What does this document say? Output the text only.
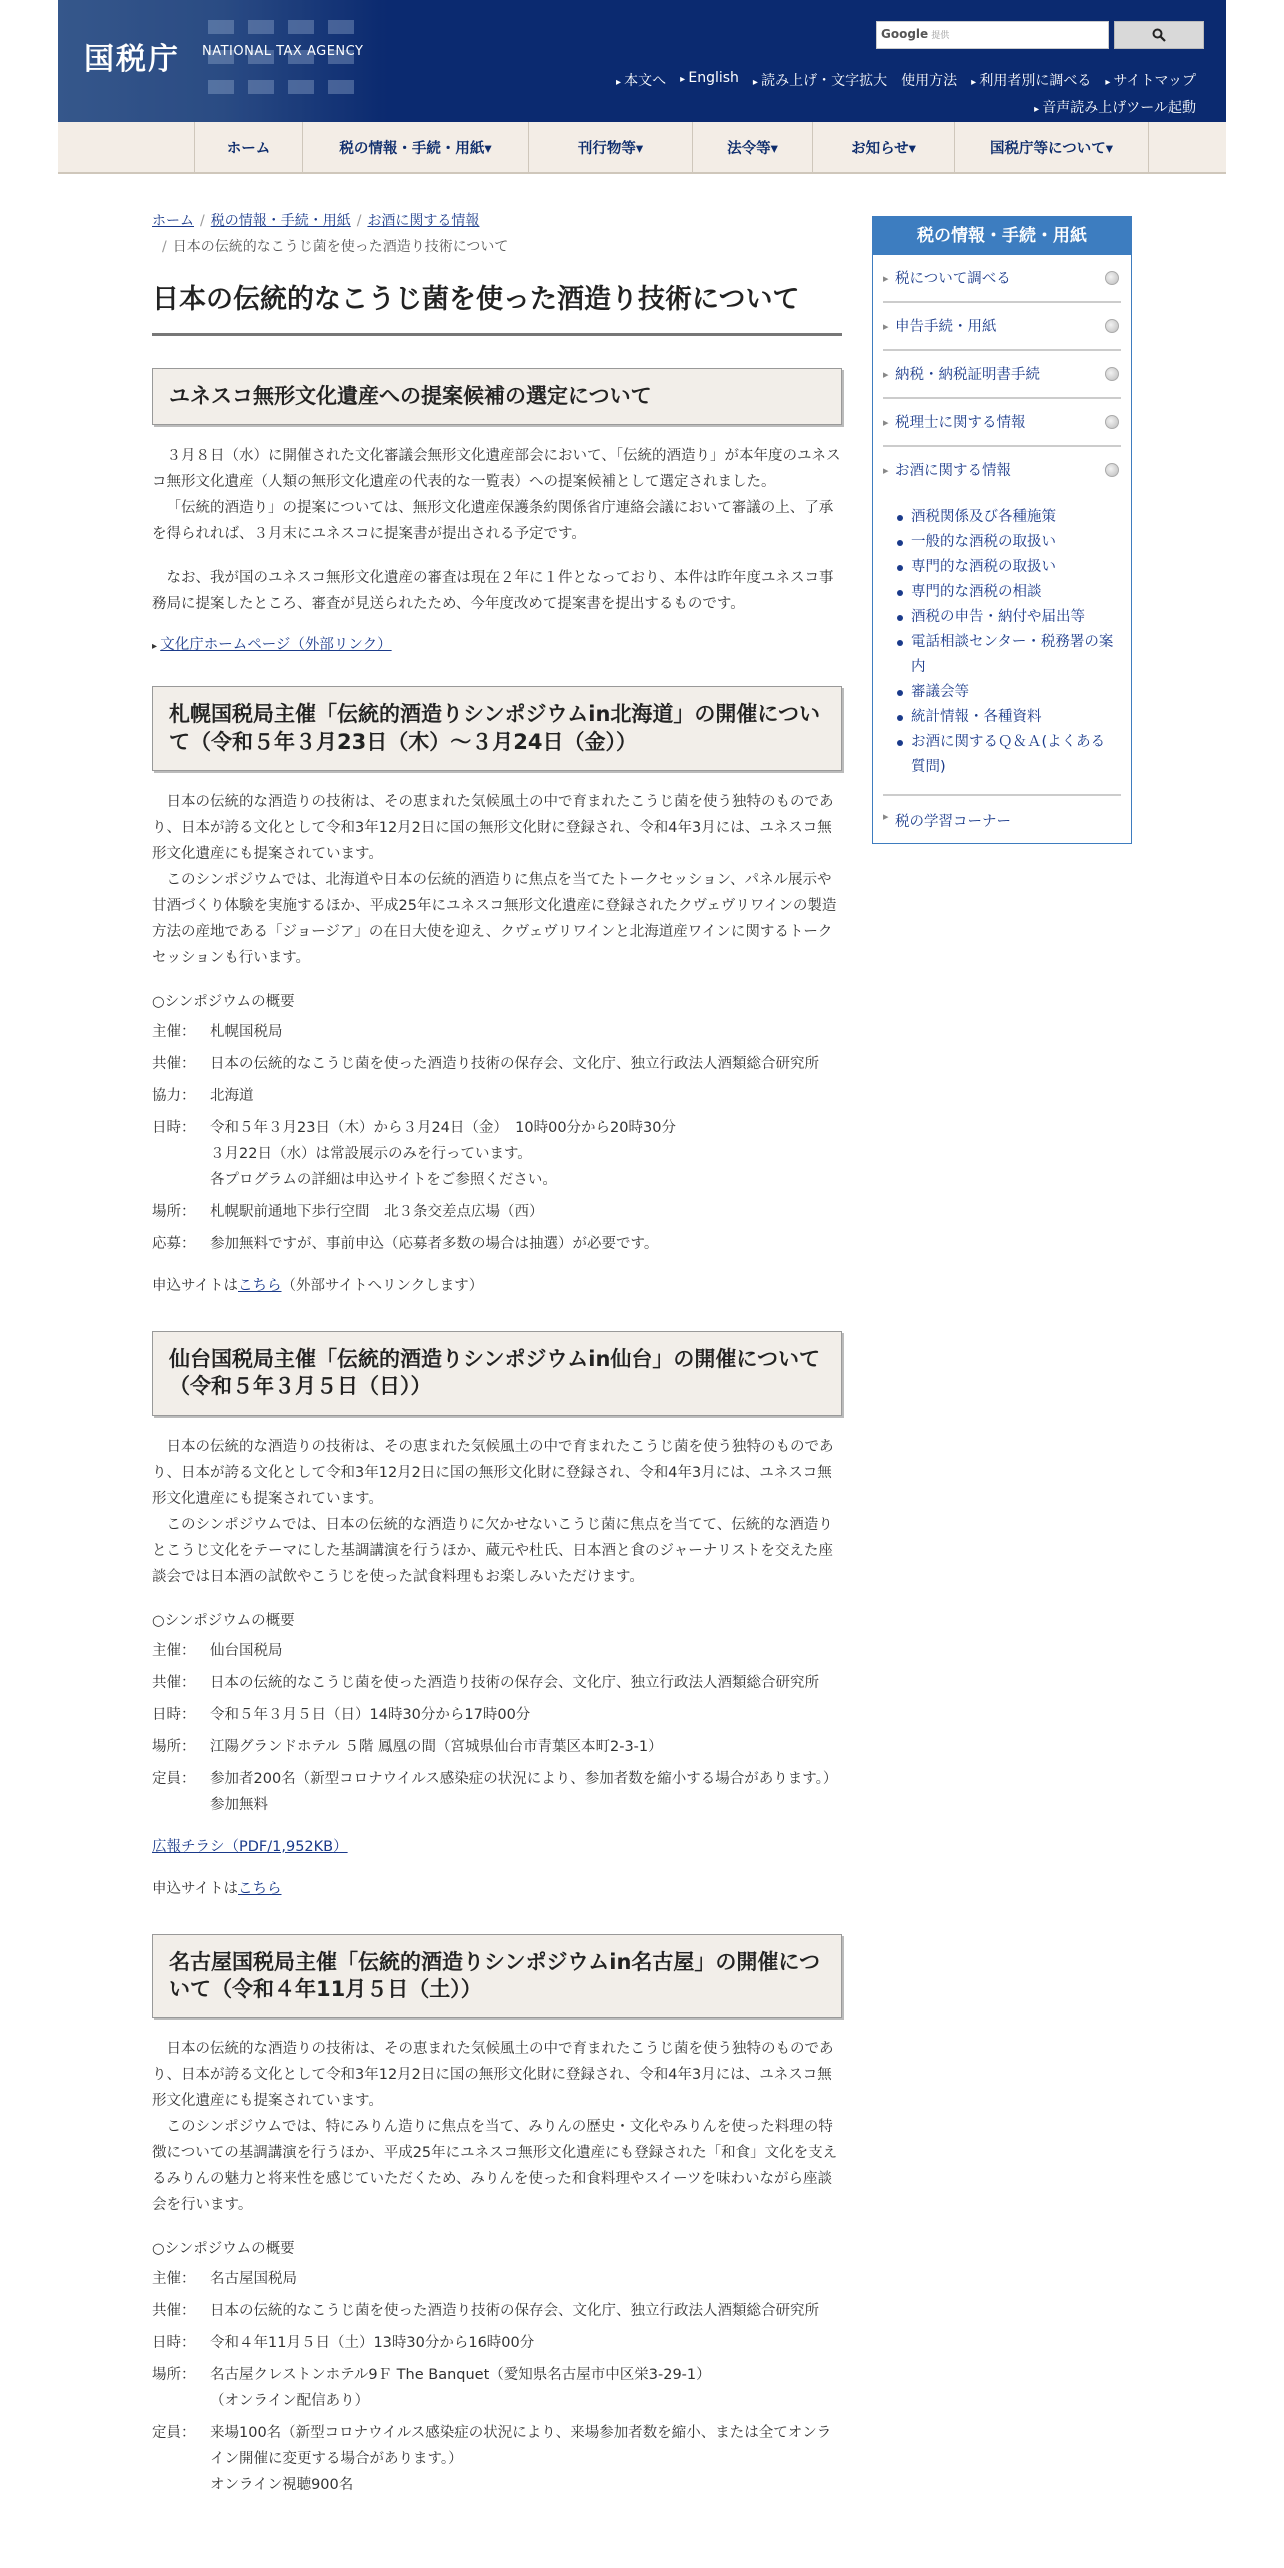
国税庁 NATIONAL TAX AGENCY
Google 提供
▸ 本文へ	▸ English	▸ 読み上げ・文字拡大　使用方法	▸ 利用者別に調べる	▸ サイトマップ
▸ 音声読み上げツール起動
ホーム	税の情報・手続・用紙▾	刊行物等▾	法令等▾	お知らせ▾	国税庁等について▾
ホーム / 税の情報・手続・用紙 / お酒に関する情報
/ 日本の伝統的なこうじ菌を使った酒造り技術について
日本の伝統的なこうじ菌を使った酒造り技術について
ユネスコ無形文化遺産への提案候補の選定について

３月８日（水）に開催された文化審議会無形文化遺産部会において、「伝統的酒造り」が本年度のユネスコ無形文化遺産（人類の無形文化遺産の代表的な一覧表）への提案候補として選定されました。

「伝統的酒造り」の提案については、無形文化遺産保護条約関係省庁連絡会議において審議の上、了承を得られれば、３月末にユネスコに提案書が提出される予定です。

なお、我が国のユネスコ無形文化遺産の審査は現在２年に１件となっており、本件は昨年度ユネスコ事務局に提案したところ、審査が見送られたため、今年度改めて提案書を提出するものです。

▸ 文化庁ホームページ（外部リンク）
札幌国税局主催「伝統的酒造りシンポジウムin北海道」の開催について（令和５年３月23日（木）～３月24日（金））

日本の伝統的な酒造りの技術は、その恵まれた気候風土の中で育まれたこうじ菌を使う独特のものであり、日本が誇る文化として令和3年12月2日に国の無形文化財に登録され、令和4年3月には、ユネスコ無形文化遺産にも提案されています。

このシンポジウムでは、北海道や日本の伝統的酒造りに焦点を当てたトークセッション、パネル展示や甘酒づくり体験を実施するほか、平成25年にユネスコ無形文化遺産に登録されたクヴェヴリワインの製造方法の産地である「ジョージア」の在日大使を迎え、クヴェヴリワインと北海道産ワインに関するトークセッションも行います。

○シンポジウムの概要
主催：	札幌国税局
共催：	日本の伝統的なこうじ菌を使った酒造り技術の保存会、文化庁、独立行政法人酒類総合研究所
協力：	北海道
日時：	令和５年３月23日（木）から３月24日（金）　10時00分から20時30分
３月22日（水）は常設展示のみを行っています。
各プログラムの詳細は申込サイトをご参照ください。
場所：	札幌駅前通地下歩行空間　北３条交差点広場（西）
応募：	参加無料ですが、事前申込（応募者多数の場合は抽選）が必要です。
申込サイトはこちら（外部サイトへリンクします）
仙台国税局主催「伝統的酒造りシンポジウムin仙台」の開催について（令和５年３月５日（日））

日本の伝統的な酒造りの技術は、その恵まれた気候風土の中で育まれたこうじ菌を使う独特のものであり、日本が誇る文化として令和3年12月2日に国の無形文化財に登録され、令和4年3月には、ユネスコ無形文化遺産にも提案されています。

このシンポジウムでは、日本の伝統的な酒造りに欠かせないこうじ菌に焦点を当てて、伝統的な酒造りとこうじ文化をテーマにした基調講演を行うほか、蔵元や杜氏、日本酒と食のジャーナリストを交えた座談会では日本酒の試飲やこうじを使った試食料理もお楽しみいただけます。

○シンポジウムの概要
主催：	仙台国税局
共催：	日本の伝統的なこうじ菌を使った酒造り技術の保存会、文化庁、独立行政法人酒類総合研究所
日時：	令和５年３月５日（日）14時30分から17時00分
場所：	江陽グランドホテル ５階 鳳凰の間（宮城県仙台市青葉区本町2-3-1）
定員：	参加者200名（新型コロナウイルス感染症の状況により、参加者数を縮小する場合があります。）
参加無料
広報チラシ（PDF/1,952KB）
申込サイトはこちら
名古屋国税局主催「伝統的酒造りシンポジウムin名古屋」の開催について（令和４年11月５日（土））

日本の伝統的な酒造りの技術は、その恵まれた気候風土の中で育まれたこうじ菌を使う独特のものであり、日本が誇る文化として令和3年12月2日に国の無形文化財に登録され、令和4年3月には、ユネスコ無形文化遺産にも提案されています。

このシンポジウムでは、特にみりん造りに焦点を当て、みりんの歴史・文化やみりんを使った料理の特徴についての基調講演を行うほか、平成25年にユネスコ無形文化遺産にも登録された「和食」文化を支えるみりんの魅力と将来性を感じていただくため、みりんを使った和食料理やスイーツを味わいながら座談会を行います。

○シンポジウムの概要
主催：	名古屋国税局
共催：	日本の伝統的なこうじ菌を使った酒造り技術の保存会、文化庁、独立行政法人酒類総合研究所
日時：	令和４年11月５日（土）13時30分から16時00分
場所：	名古屋クレストンホテル9Ｆ The Banquet（愛知県名古屋市中区栄3-29-1）
（オンライン配信あり）
定員：	来場100名（新型コロナウイルス感染症の状況により、来場参加者数を縮小、または全てオンライン開催に変更する場合があります。）
オンライン視聴900名
税の情報・手続・用紙
▸ 税について調べる
▸ 申告手続・用紙
▸ 納税・納税証明書手続
▸ 税理士に関する情報
▸ お酒に関する情報
酒税関係及び各種施策
一般的な酒税の取扱い
専門的な酒税の取扱い
専門的な酒税の相談
酒税の申告・納付や届出等
電話相談センター・税務署の案内
審議会等
統計情報・各種資料
お酒に関するＱ＆Ａ(よくある質問)
▸ 税の学習コーナー
